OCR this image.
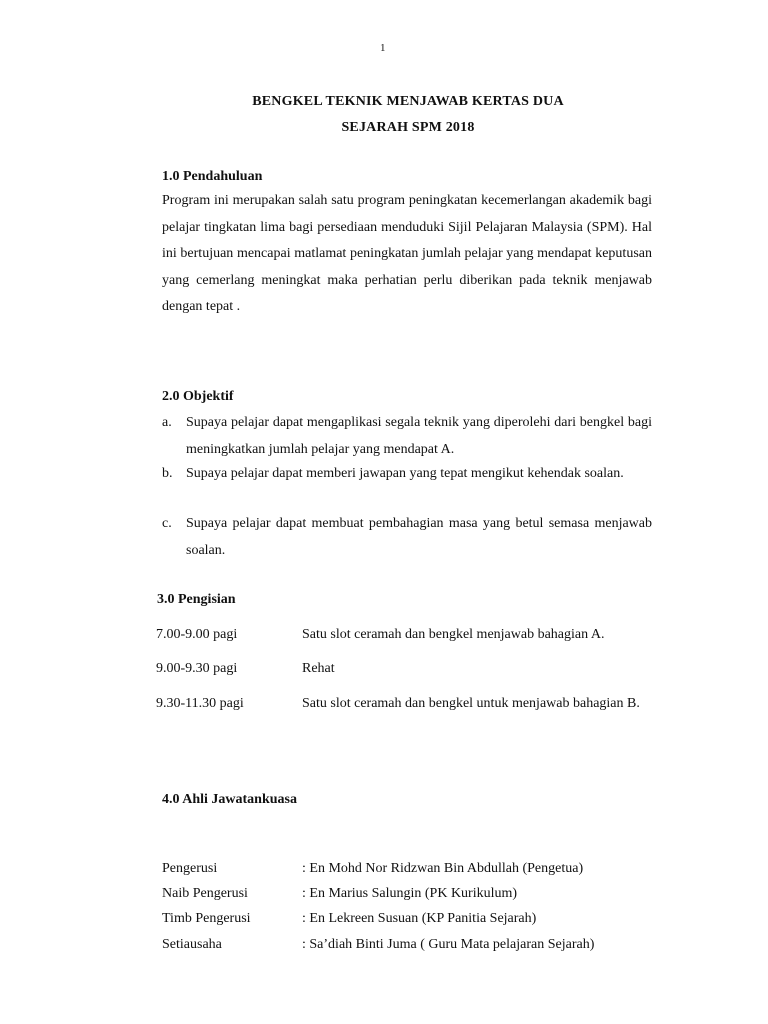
1
BENGKEL TEKNIK MENJAWAB KERTAS DUA
SEJARAH SPM 2018
1.0 Pendahuluan
Program ini merupakan salah satu program peningkatan kecemerlangan akademik bagi pelajar tingkatan lima bagi persediaan menduduki Sijil Pelajaran Malaysia (SPM). Hal ini bertujuan mencapai matlamat peningkatan jumlah pelajar yang mendapat keputusan yang cemerlang meningkat maka perhatian perlu diberikan pada teknik menjawab dengan tepat .
2.0 Objektif
a.	Supaya pelajar dapat mengaplikasi segala teknik yang diperolehi dari bengkel bagi meningkatkan jumlah pelajar yang mendapat A.
b. Supaya pelajar dapat memberi jawapan yang tepat mengikut kehendak soalan.
c.	Supaya pelajar dapat membuat pembahagian masa yang betul semasa menjawab soalan.
3.0 Pengisian
7.00-9.00 pagi	Satu slot ceramah dan bengkel menjawab bahagian A.
9.00-9.30 pagi	Rehat
9.30-11.30 pagi	Satu slot ceramah dan bengkel untuk menjawab bahagian B.
4.0 Ahli Jawatankuasa
Pengerusi	: En Mohd Nor Ridzwan Bin Abdullah (Pengetua)
Naib Pengerusi	: En Marius Salungin (PK Kurikulum)
Timb Pengerusi	: En Lekreen Susuan (KP Panitia Sejarah)
Setiausaha	: Sa’diah Binti Juma ( Guru Mata pelajaran Sejarah)
